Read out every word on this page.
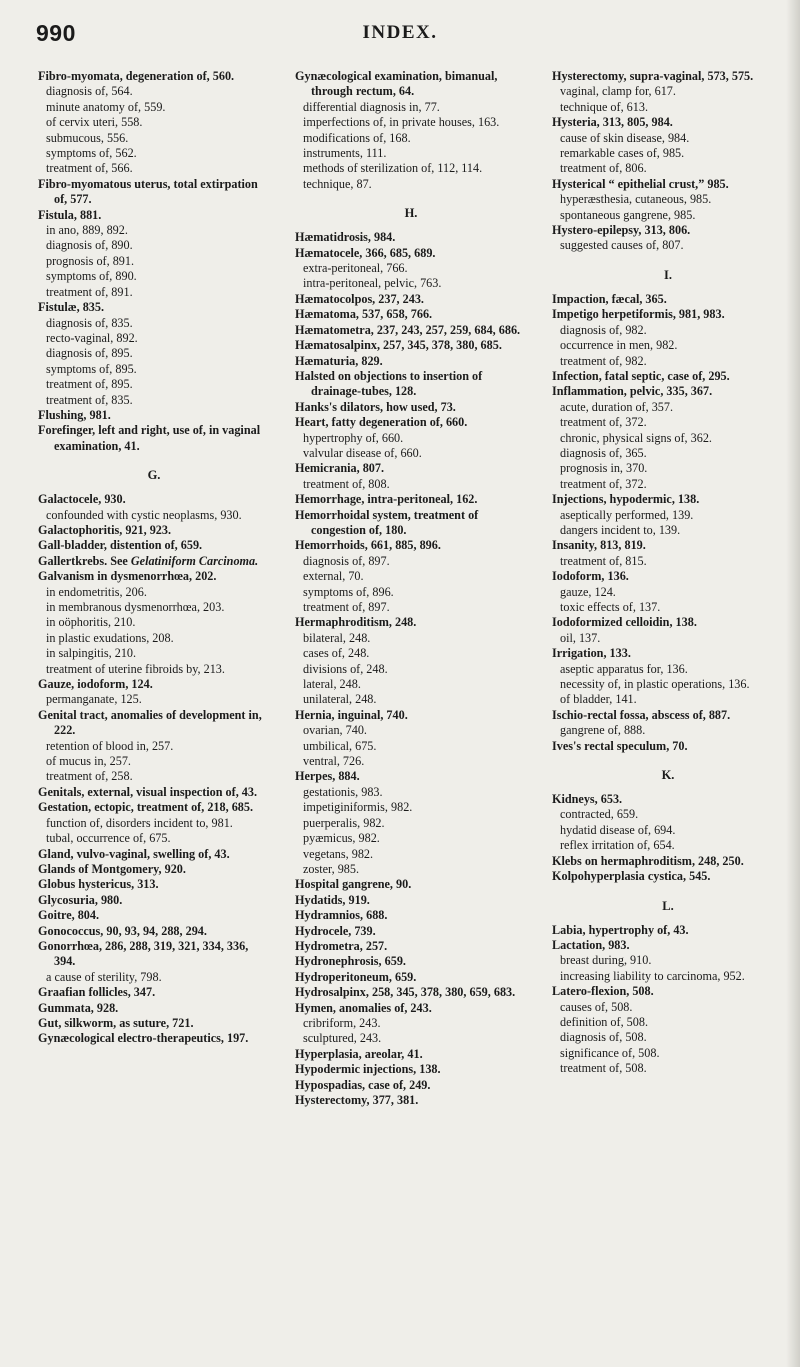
990	INDEX.
Fibro-myomata, degeneration of, 560.
diagnosis of, 564.
minute anatomy of, 559.
of cervix uteri, 558.
submucous, 556.
symptoms of, 562.
treatment of, 566.
Fibro-myomatous uterus, total extirpation of, 577.
Fistula, 881.
in ano, 889, 892.
diagnosis of, 890.
prognosis of, 891.
symptoms of, 890.
treatment of, 891.
Fistulæ, 835.
diagnosis of, 835.
recto-vaginal, 892.
diagnosis of, 895.
symptoms of, 895.
treatment of, 895.
treatment of, 835.
Flushing, 981.
Forefinger, left and right, use of, in vaginal examination, 41.
G.
Galactocele, 930.
confounded with cystic neoplasms, 930.
Galactophoritis, 921, 923.
Gall-bladder, distention of, 659.
Gallertkrebs. See Gelatiniform Carcinoma.
Galvanism in dysmenorrhœa, 202.
in endometritis, 206.
in membranous dysmenorrhœa, 203.
in oöphoritis, 210.
in plastic exudations, 208.
in salpingitis, 210.
treatment of uterine fibroids by, 213.
Gauze, iodoform, 124.
permanganate, 125.
Genital tract, anomalies of development in, 222.
retention of blood in, 257.
of mucus in, 257.
treatment of, 258.
Genitals, external, visual inspection of, 43.
Gestation, ectopic, treatment of, 218, 685.
function of, disorders incident to, 981.
tubal, occurrence of, 675.
Gland, vulvo-vaginal, swelling of, 43.
Glands of Montgomery, 920.
Globus hystericus, 313.
Glycosuria, 980.
Goitre, 804.
Gonococcus, 90, 93, 94, 288, 294.
Gonorrhœa, 286, 288, 319, 321, 334, 336, 394.
a cause of sterility, 798.
Graafian follicles, 347.
Gummata, 928.
Gut, silkworm, as suture, 721.
Gynæcological electro-therapeutics, 197.
Gynæcological examination, bimanual, through rectum, 64.
differential diagnosis in, 77.
imperfections of, in private houses, 163.
modifications of, 168.
instruments, 111.
methods of sterilization of, 112, 114.
technique, 87.
H.
Hæmatidrosis, 984.
Hæmatocele, 366, 685, 689.
extra-peritoneal, 766.
intra-peritoneal, pelvic, 763.
Hæmatocolpos, 237, 243.
Hæmatoma, 537, 658, 766.
Hæmatometra, 237, 243, 257, 259, 684, 686.
Hæmatosalpinx, 257, 345, 378, 380, 685.
Hæmaturia, 829.
Halsted on objections to insertion of drainage-tubes, 128.
Hanks's dilators, how used, 73.
Heart, fatty degeneration of, 660.
hypertrophy of, 660.
valvular disease of, 660.
Hemicrania, 807.
treatment of, 808.
Hemorrhage, intra-peritoneal, 162.
Hemorrhoidal system, treatment of congestion of, 180.
Hemorrhoids, 661, 885, 896.
diagnosis of, 897.
external, 70.
symptoms of, 896.
treatment of, 897.
Hermaphroditism, 248.
bilateral, 248.
cases of, 248.
divisions of, 248.
lateral, 248.
unilateral, 248.
Hernia, inguinal, 740.
ovarian, 740.
umbilical, 675.
ventral, 726.
Herpes, 884.
gestationis, 983.
impetiginiformis, 982.
puerperalis, 982.
pyæmicus, 982.
vegetans, 982.
zoster, 985.
Hospital gangrene, 90.
Hydatids, 919.
Hydramnios, 688.
Hydrocele, 739.
Hydrometra, 257.
Hydronephrosis, 659.
Hydroperitoneum, 659.
Hydrosalpinx, 258, 345, 378, 380, 659, 683.
Hymen, anomalies of, 243.
cribriform, 243.
sculptured, 243.
Hyperplasia, areolar, 41.
Hypodermic injections, 138.
Hypospadias, case of, 249.
Hysterectomy, 377, 381.
Hysterectomy, supra-vaginal, 573, 575.
vaginal, clamp for, 617.
technique of, 613.
Hysteria, 313, 805, 984.
cause of skin disease, 984.
remarkable cases of, 985.
treatment of, 806.
Hysterical “ epithelial crust,” 985.
hyperæsthesia, cutaneous, 985.
spontaneous gangrene, 985.
Hystero-epilepsy, 313, 806.
suggested causes of, 807.
I.
Impaction, fæcal, 365.
Impetigo herpetiformis, 981, 983.
diagnosis of, 982.
occurrence in men, 982.
treatment of, 982.
Infection, fatal septic, case of, 295.
Inflammation, pelvic, 335, 367.
acute, duration of, 357.
treatment of, 372.
chronic, physical signs of, 362.
diagnosis of, 365.
prognosis in, 370.
treatment of, 372.
Injections, hypodermic, 138.
aseptically performed, 139.
dangers incident to, 139.
Insanity, 813, 819.
treatment of, 815.
Iodoform, 136.
gauze, 124.
toxic effects of, 137.
Iodoformized celloidin, 138.
oil, 137.
Irrigation, 133.
aseptic apparatus for, 136.
necessity of, in plastic operations, 136.
of bladder, 141.
Ischio-rectal fossa, abscess of, 887.
gangrene of, 888.
Ives's rectal speculum, 70.
K.
Kidneys, 653.
contracted, 659.
hydatid disease of, 694.
reflex irritation of, 654.
Klebs on hermaphroditism, 248, 250.
Kolpohyperplasia cystica, 545.
L.
Labia, hypertrophy of, 43.
Lactation, 983.
breast during, 910.
increasing liability to carcinoma, 952.
Latero-flexion, 508.
causes of, 508.
definition of, 508.
diagnosis of, 508.
significance of, 508.
treatment of, 508.
